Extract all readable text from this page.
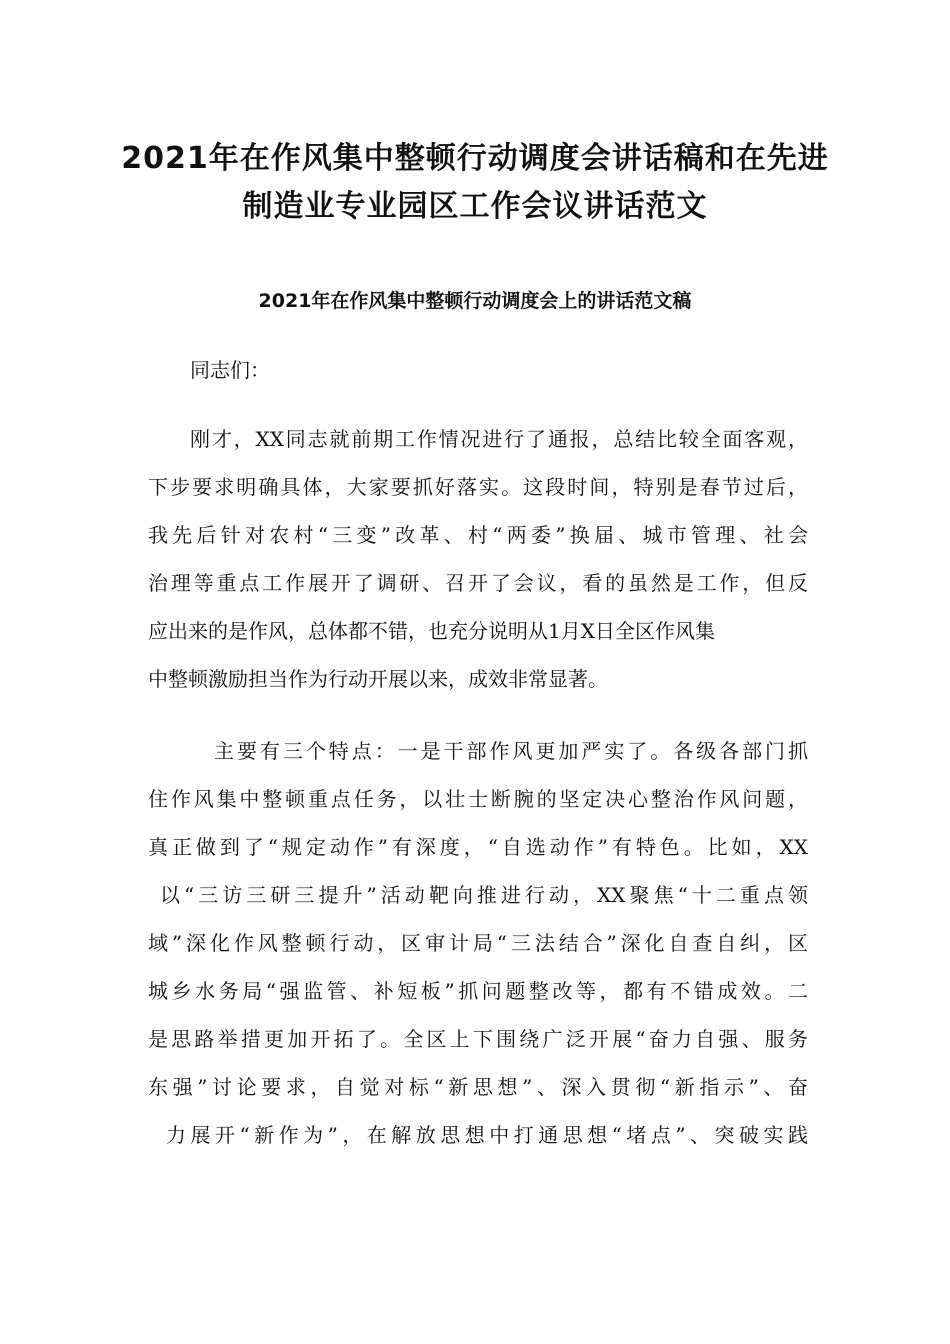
2021年在作风集中整顿行动调度会讲话稿和在先进
制造业专业园区工作会议讲话范文
2021年在作风集中整顿行动调度会上的讲话范文稿

同志们：

刚才，XX同志就前期工作情况进行了通报，总结比较全面客观，

下步要求明确具体，大家要抓好落实。这段时间，特别是春节过后，

我先后针对农村“三变”改革、村“两委”换届、城市管理、社会

治理等重点工作展开了调研、召开了会议，看的虽然是工作，但反

应出来的是作风，总体都不错，也充分说明从1月X日全区作风集

中整顿激励担当作为行动开展以来，成效非常显著。

主要有三个特点：一是干部作风更加严实了。各级各部门抓

住作风集中整顿重点任务，以壮士断腕的坚定决心整治作风问题，

真正做到了“规定动作”有深度，“自选动作”有特色。比如，XX

以“三访三研三提升”活动靶向推进行动，XX聚焦“十二重点领

域”深化作风整顿行动，区审计局“三法结合”深化自查自纠，区

城乡水务局“强监管、补短板”抓问题整改等，都有不错成效。二

是思路举措更加开拓了。全区上下围绕广泛开展“奋力自强、服务

东强”讨论要求，自觉对标“新思想”、深入贯彻“新指示”、奋

力展开“新作为”，在解放思想中打通思想“堵点”、突破实践
